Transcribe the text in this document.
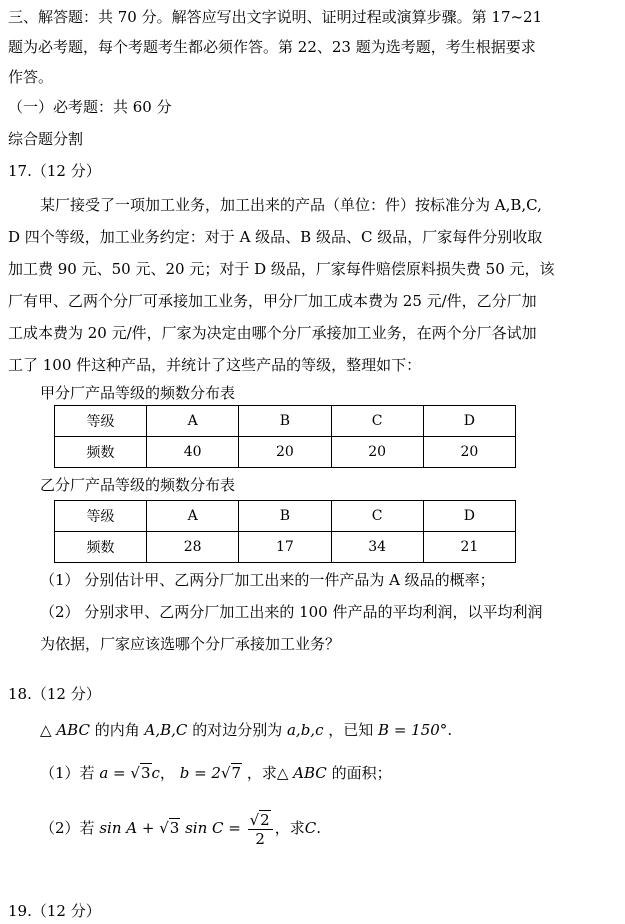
三、解答题：共 70 分。解答应写出文字说明、证明过程或演算步骤。第 17~21
题为必考题，每个考题考生都必须作答。第 22、23 题为选考题，考生根据要求
作答。
（一）必考题：共 60 分
综合题分割
17.（12 分）
某厂接受了一项加工业务，加工出来的产品（单位：件）按标准分为 A,B,C,
D 四个等级，加工业务约定：对于 A 级品、B 级品、C 级品，厂家每件分别收取
加工费 90 元、50 元、20 元；对于 D 级品，厂家每件赔偿原料损失费 50 元，该
厂有甲、乙两个分厂可承接加工业务，甲分厂加工成本费为 25 元/件，乙分厂加
工成本费为 20 元/件，厂家为决定由哪个分厂承接加工业务，在两个分厂各试加
工了 100 件这种产品，并统计了这些产品的等级，整理如下：
甲分厂产品等级的频数分布表
等级	A	B	C	D
频数	40	20	20	20
乙分厂产品等级的频数分布表
等级	A	B	C	D
频数	28	17	34	21
（1） 分别估计甲、乙两分厂加工出来的一件产品为 A 级品的概率；
（2） 分别求甲、乙两分厂加工出来的 100 件产品的平均利润，以平均利润
为依据，厂家应该选哪个分厂承接加工业务？
18.（12 分）
△ ABC 的内角 A,B,C 的对边分别为 a,b,c ，已知 B = 150°.
（1）若 a = √3c， b = 2√7 ，求△ ABC 的面积；
（2）若 sin A + √3 $\sin C = \frac{√2}{2}$ ，求C.
19.（12 分）
